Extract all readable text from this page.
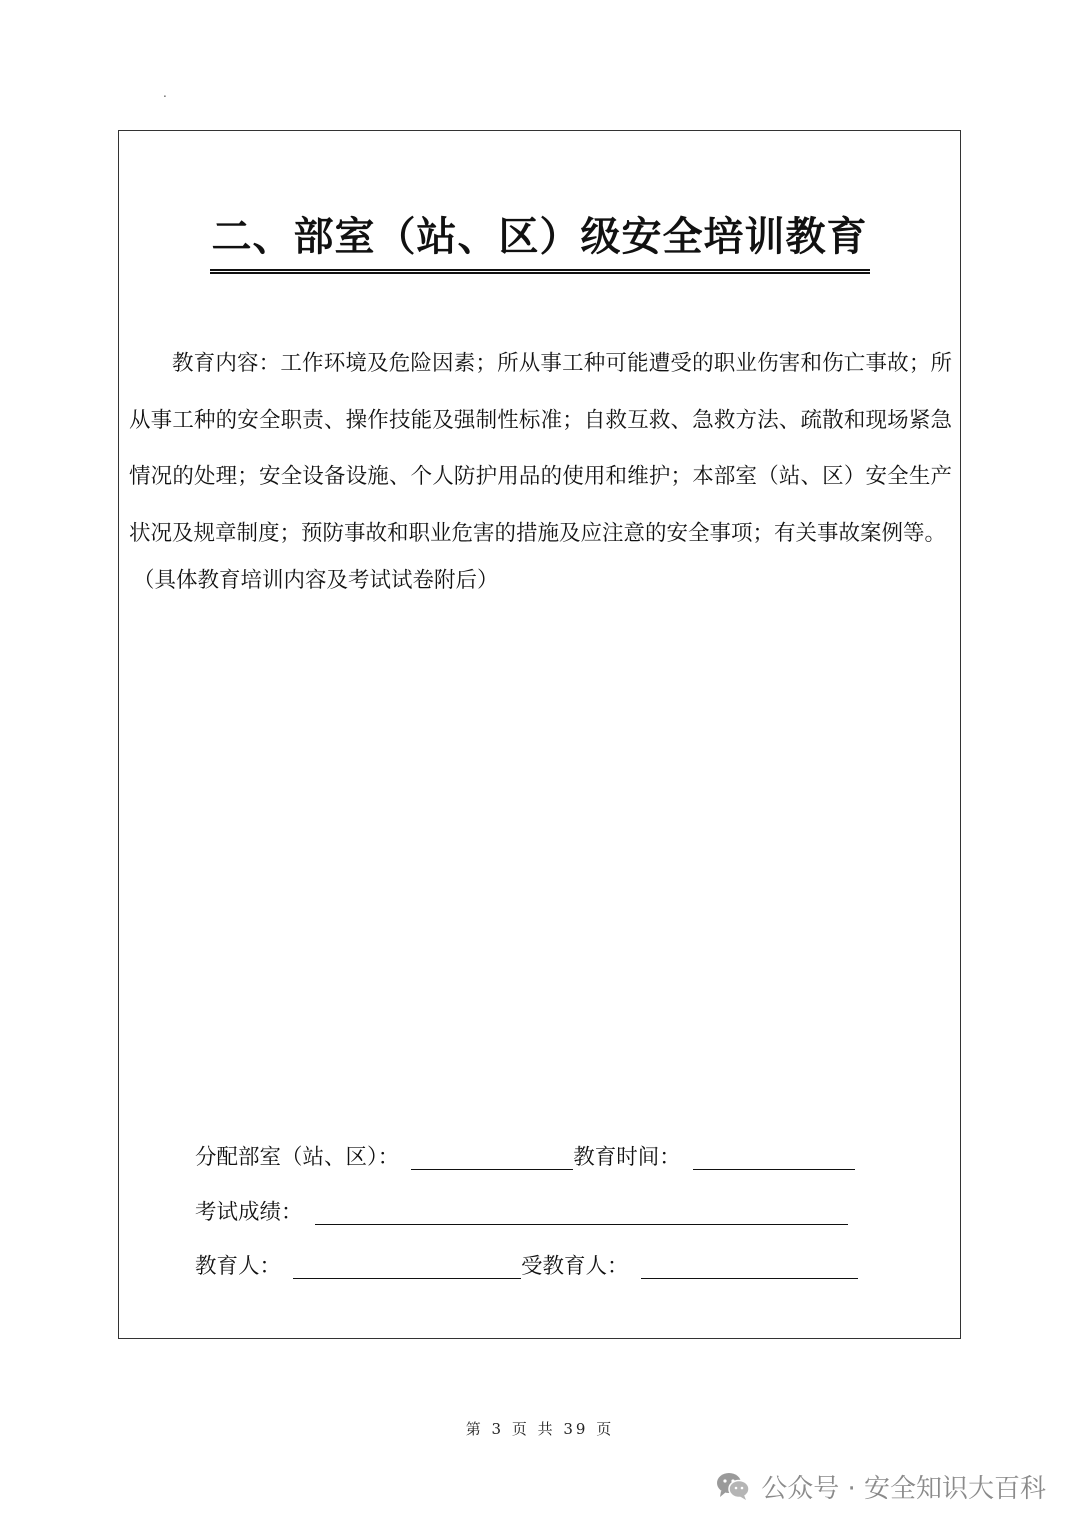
.
二、部室（站、区）级安全培训教育
教育内容：工作环境及危险因素；所从事工种可能遭受的职业伤害和伤亡事故；所从事工种的安全职责、操作技能及强制性标准；自救互救、急救方法、疏散和现场紧急情况的处理；安全设备设施、个人防护用品的使用和维护；本部室（站、区）安全生产状况及规章制度；预防事故和职业危害的措施及应注意的安全事项；有关事故案例等。
（具体教育培训内容及考试试卷附后）
分配部室（站、区）：	教育时间：
考试成绩：
教育人：	受教育人：
第 3 页 共 39 页
公众号 · 安全知识大百科
